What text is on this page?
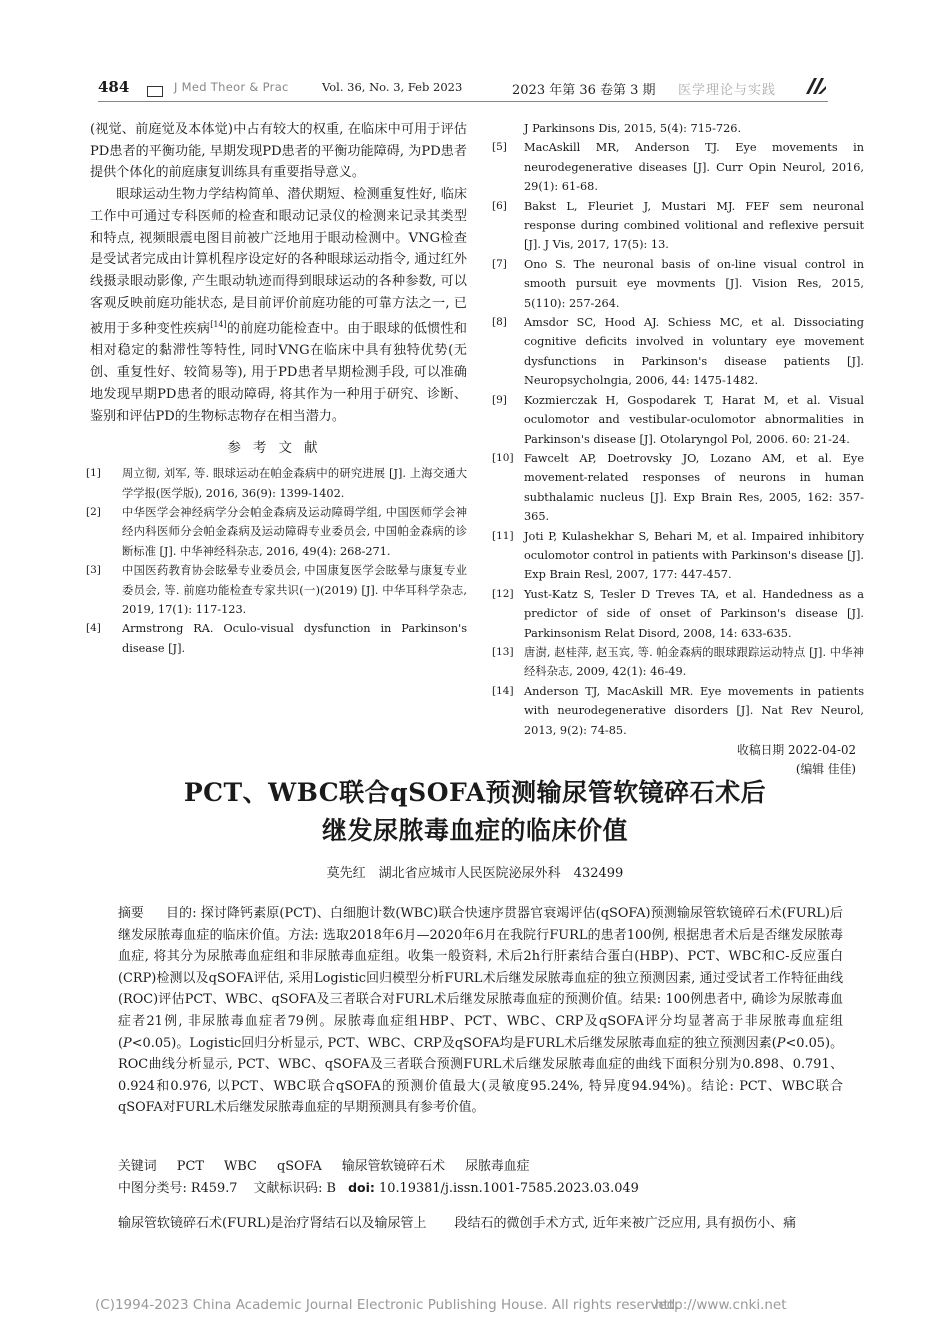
484	J Med Theor & Prac	Vol. 36, No. 3, Feb 2023	2023 年第 36 卷第 3 期 医学理论与实践

(视觉、前庭觉及本体觉)中占有较大的权重, 在临床中可用于评估PD患者的平衡功能, 早期发现PD患者的平衡功能障碍, 为PD患者提供个体化的前庭康复训练具有重要指导意义。

眼球运动生物力学结构简单、潜伏期短、检测重复性好, 临床工作中可通过专科医师的检查和眼动记录仪的检测来记录其类型和特点, 视频眼震电图目前被广泛地用于眼动检测中。VNG检查是受试者完成由计算机程序设定好的各种眼球运动指令, 通过红外线摄录眼动影像, 产生眼动轨迹而得到眼球运动的各种参数, 可以客观反映前庭功能状态, 是目前评价前庭功能的可靠方法之一, 已被用于多种变性疾病[14]的前庭功能检查中。由于眼球的低惯性和相对稳定的黏滞性等特性, 同时VNG在临床中具有独特优势(无创、重复性好、较简易等), 用于PD患者早期检测手段, 可以准确地发现早期PD患者的眼动障碍, 将其作为一种用于研究、诊断、鉴别和评估PD的生物标志物存在相当潜力。

参考文献
[1]	周立彻, 刘军, 等. 眼球运动在帕金森病中的研究进展 [J]. 上海交通大学学报(医学版), 2016, 36(9): 1399-1402.
[2]	中华医学会神经病学分会帕金森病及运动障碍学组, 中国医师学会神经内科医师分会帕金森病及运动障碍专业委员会, 中国帕金森病的诊断标准 [J]. 中华神经科杂志, 2016, 49(4): 268-271.
[3]	中国医药教育协会眩晕专业委员会, 中国康复医学会眩晕与康复专业委员会, 等. 前庭功能检查专家共识(一)(2019) [J]. 中华耳科学杂志, 2019, 17(1): 117-123.
[4]	Armstrong RA. Oculo-visual dysfunction in Parkinson's disease [J].
J Parkinsons Dis, 2015, 5(4): 715-726.
[5]	MacAskill MR, Anderson TJ. Eye movements in neurodegenerative diseases [J]. Curr Opin Neurol, 2016, 29(1): 61-68.
[6]	Bakst L, Fleuriet J, Mustari MJ. FEF sem neuronal response during combined volitional and reflexive persuit [J]. J Vis, 2017, 17(5): 13.
[7]	Ono S. The neuronal basis of on-line visual control in smooth pursuit eye movments [J]. Vision Res, 2015, 5(110): 257-264.
[8]	Amsdor SC, Hood AJ. Schiess MC, et al. Dissociating cognitive deficits involved in voluntary eye movement dysfunctions in Parkinson's disease patients [J]. Neuropsycholngia, 2006, 44: 1475-1482.
[9]	Kozmierczak H, Gospodarek T, Harat M, et al. Visual oculomotor and vestibular-oculomotor abnormalities in Parkinson's disease [J]. Otolaryngol Pol, 2006. 60: 21-24.
[10] Fawcelt AP, Doetrovsky JO, Lozano AM, et al. Eye movement-related responses of neurons in human subthalamic nucleus [J]. Exp Brain Res, 2005, 162: 357-365.
[11] Joti P, Kulashekhar S, Behari M, et al. Impaired inhibitory oculomotor control in patients with Parkinson's disease [J]. Exp Brain Resl, 2007, 177: 447-457.
[12] Yust-Katz S, Tesler D Treves TA, et al. Handedness as a predictor of side of onset of Parkinson's disease [J]. Parkinsonism Relat Disord, 2008, 14: 633-635.
[13] 唐澍, 赵桂萍, 赵玉宾, 等. 帕金森病的眼球跟踪运动特点 [J]. 中华神经科杂志, 2009, 42(1): 46-49.
[14] Anderson TJ, MacAskill MR. Eye movements in patients with neurodegenerative disorders [J]. Nat Rev Neurol, 2013, 9(2): 74-85.
收稿日期 2022-04-02
(编辑 佳佳)
PCT、WBC联合qSOFA预测输尿管软镜碎石术后
继发尿脓毒血症的临床价值
莫先红　湖北省应城市人民医院泌尿外科　432499
摘要 目的: 探讨降钙素原(PCT)、白细胞计数(WBC)联合快速序贯器官衰竭评估(qSOFA)预测输尿管软镜碎石术(FURL)后继发尿脓毒血症的临床价值。方法: 选取2018年6月—2020年6月在我院行FURL的患者100例, 根据患者术后是否继发尿脓毒血症, 将其分为尿脓毒血症组和非尿脓毒血症组。收集一般资料, 术后2h行肝素结合蛋白(HBP)、PCT、WBC和C-反应蛋白(CRP)检测以及qSOFA评估, 采用Logistic回归模型分析FURL术后继发尿脓毒血症的独立预测因素, 通过受试者工作特征曲线(ROC)评估PCT、WBC、qSOFA及三者联合对FURL术后继发尿脓毒血症的预测价值。结果: 100例患者中, 确诊为尿脓毒血症者21例, 非尿脓毒血症者79例。尿脓毒血症组HBP、PCT、WBC、CRP及qSOFA评分均显著高于非尿脓毒血症组(P<0.05)。Logistic回归分析显示, PCT、WBC、CRP及qSOFA均是FURL术后继发尿脓毒血症的独立预测因素(P<0.05)。ROC曲线分析显示, PCT、WBC、qSOFA及三者联合预测FURL术后继发尿脓毒血症的曲线下面积分别为0.898、0.791、0.924和0.976, 以PCT、WBC联合qSOFA的预测价值最大(灵敏度95.24%, 特异度94.94%)。结论: PCT、WBC联合qSOFA对FURL术后继发尿脓毒血症的早期预测具有参考价值。
关键词 PCT WBC qSOFA 输尿管软镜碎石术 尿脓毒血症
中图分类号: R459.7 文献标识码: B doi: 10.19381/j.issn.1001-7585.2023.03.049
输尿管软镜碎石术(FURL)是治疗肾结石以及输尿管上 段结石的微创手术方式, 近年来被广泛应用, 具有损伤小、痛
(C)1994-2023 China Academic Journal Electronic Publishing House. All rights reserved.
http://www.cnki.net
